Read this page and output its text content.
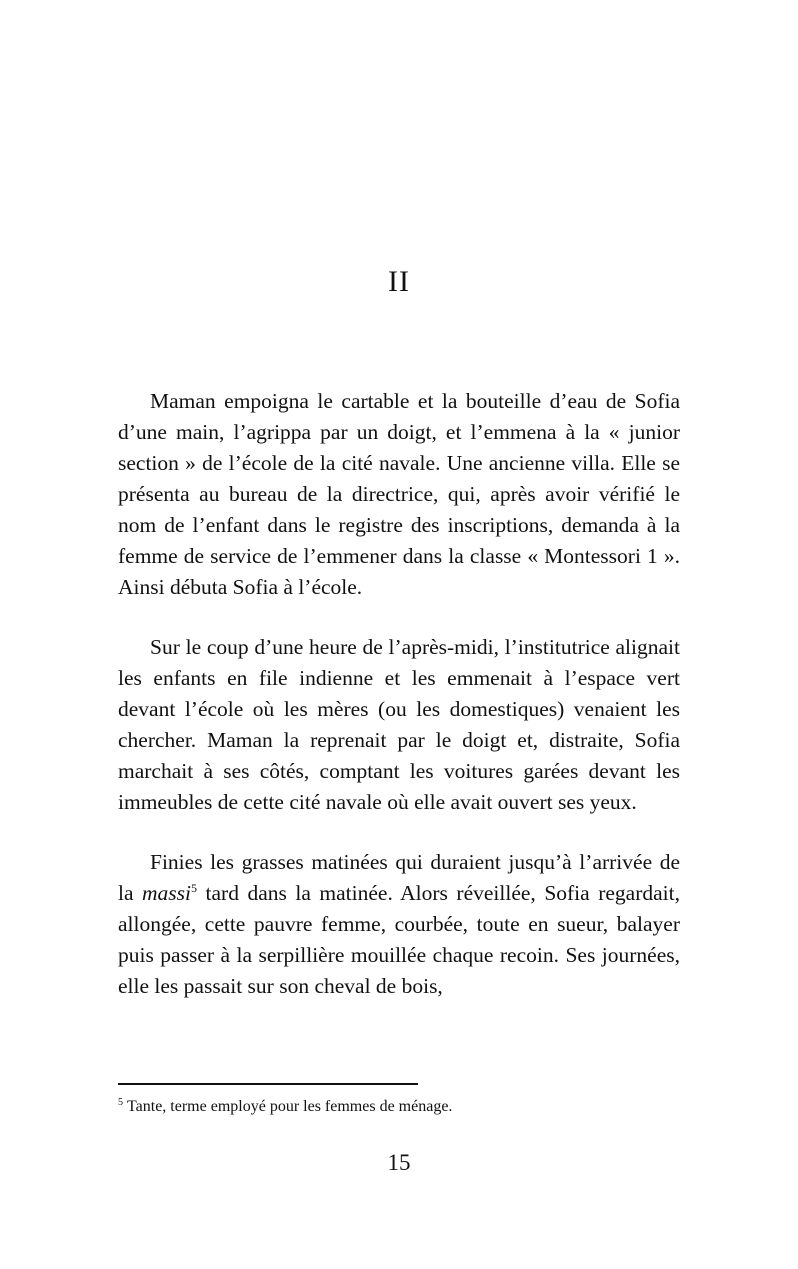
II

Maman empoigna le cartable et la bouteille d’eau de Sofia d’une main, l’agrippa par un doigt, et l’emmena à la « junior section » de l’école de la cité navale. Une ancienne villa. Elle se présenta au bureau de la directrice, qui, après avoir vérifié le nom de l’enfant dans le registre des inscriptions, demanda à la femme de service de l’emmener dans la classe « Montessori 1 ». Ainsi débuta Sofia à l’école.

Sur le coup d’une heure de l’après-midi, l’institutrice alignait les enfants en file indienne et les emmenait à l’espace vert devant l’école où les mères (ou les domestiques) venaient les chercher. Maman la reprenait par le doigt et, distraite, Sofia marchait à ses côtés, comptant les voitures garées devant les immeubles de cette cité navale où elle avait ouvert ses yeux.

Finies les grasses matinées qui duraient jusqu’à l’arrivée de la massi$^5$ tard dans la matinée. Alors réveillée, Sofia regardait, allongée, cette pauvre femme, courbée, toute en sueur, balayer puis passer à la serpillière mouillée chaque recoin. Ses journées, elle les passait sur son cheval de bois,

$^5$ Tante, terme employé pour les femmes de ménage.
15
